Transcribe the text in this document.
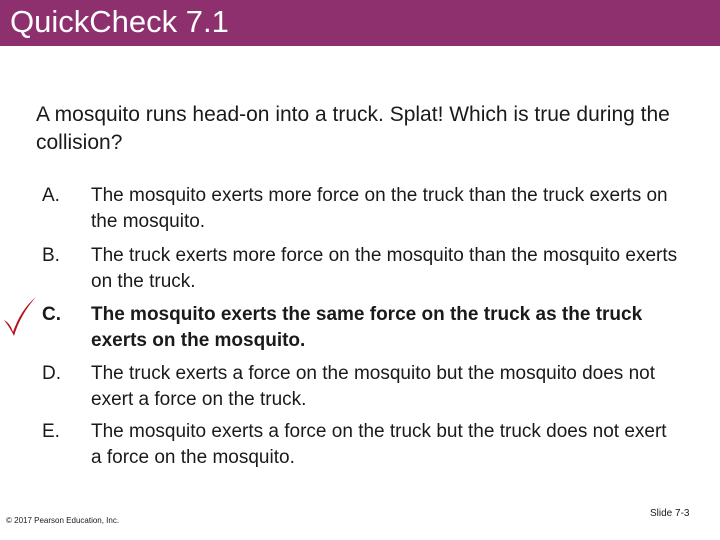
QuickCheck 7.1
A mosquito runs head-on into a truck. Splat! Which is true during the collision?
A.	The mosquito exerts more force on the truck than the truck exerts on the mosquito.
B.	The truck exerts more force on the mosquito than the mosquito exerts on the truck.
C.	The mosquito exerts the same force on the truck as the truck exerts on the mosquito.
D.	The truck exerts a force on the mosquito but the mosquito does not exert a force on the truck.
E.	The mosquito exerts a force on the truck but the truck does not exert a force on the mosquito.
© 2017 Pearson Education, Inc.
Slide 7-3
